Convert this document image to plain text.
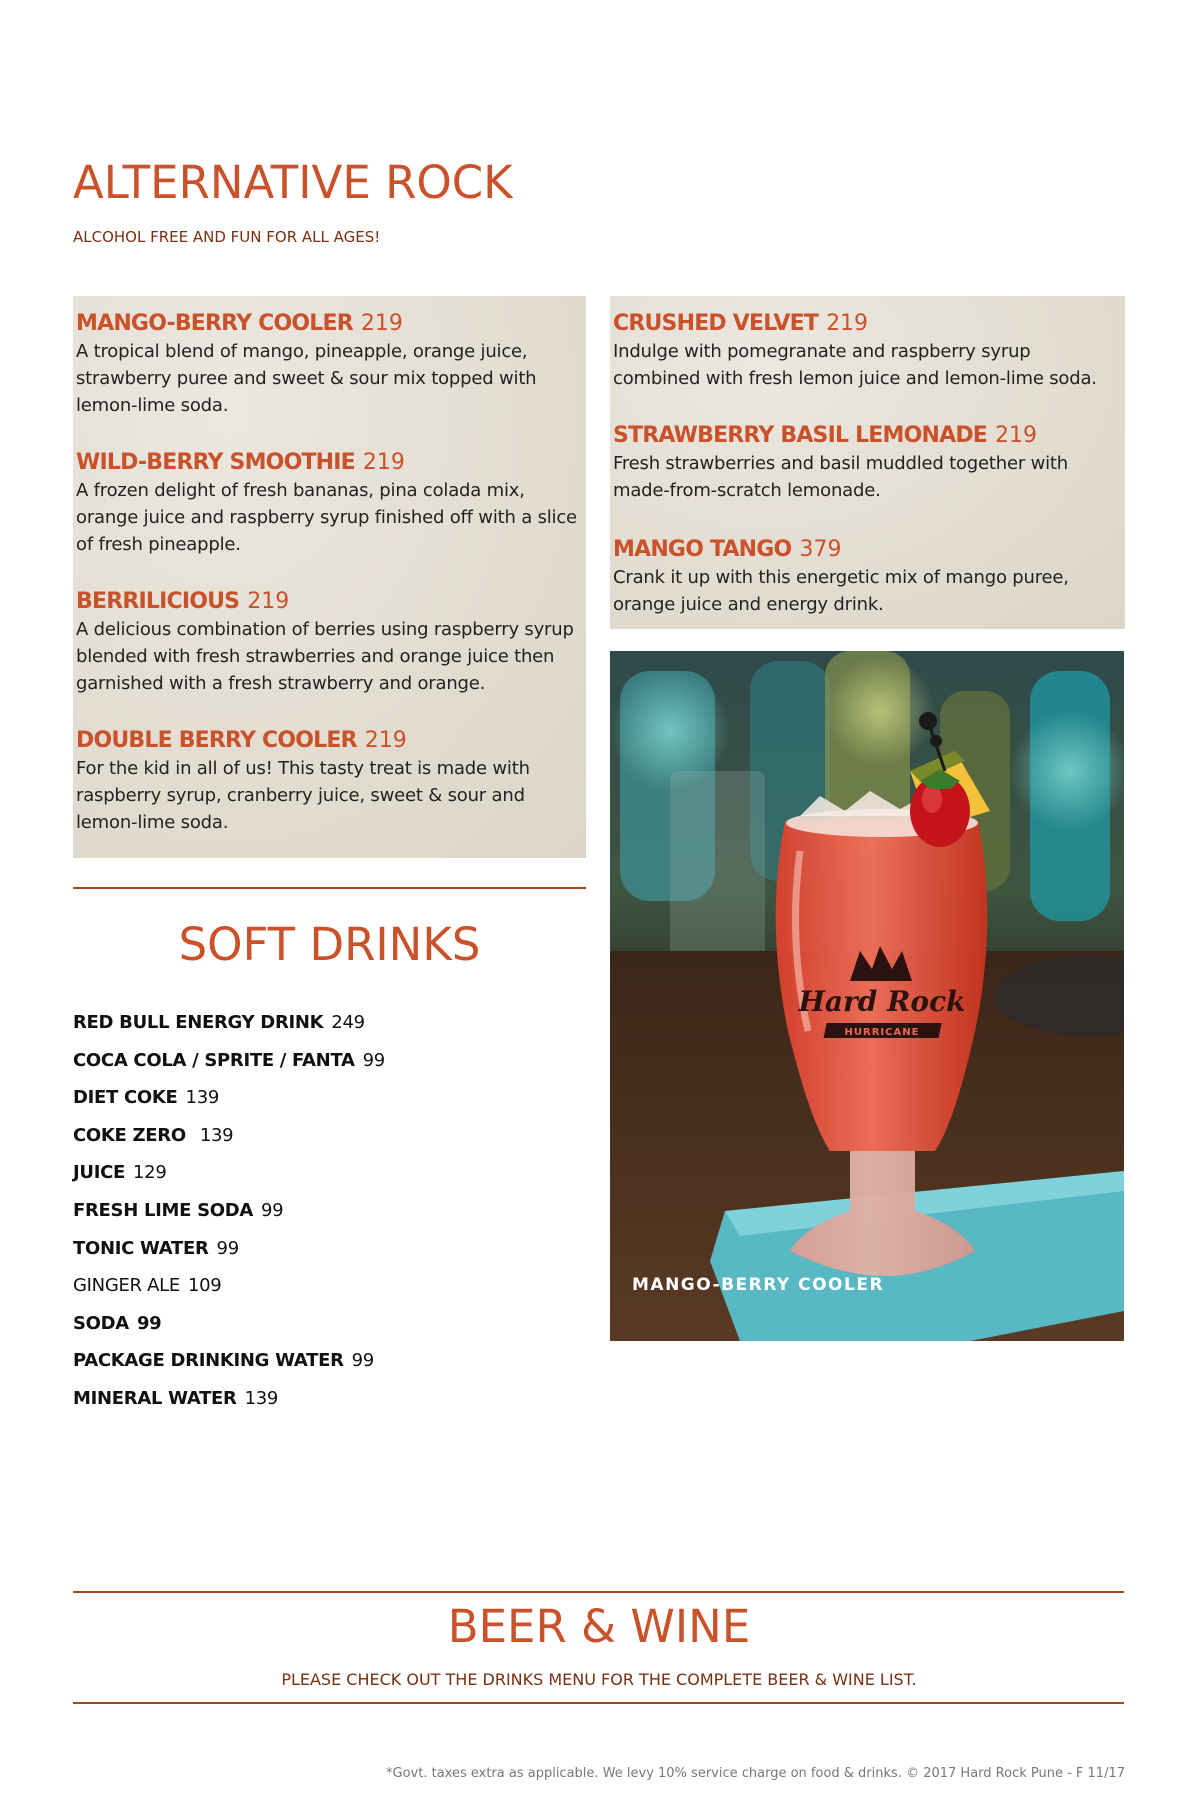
ALTERNATIVE ROCK
ALCOHOL FREE AND FUN FOR ALL AGES!
MANGO-BERRY COOLER 219
A tropical blend of mango, pineapple, orange juice, strawberry puree and sweet & sour mix topped with lemon-lime soda.
WILD-BERRY SMOOTHIE 219
A frozen delight of fresh bananas, pina colada mix, orange juice and raspberry syrup finished off with a slice of fresh pineapple.
BERRILICIOUS 219
A delicious combination of berries using raspberry syrup blended with fresh strawberries and orange juice then garnished with a fresh strawberry and orange.
DOUBLE BERRY COOLER 219
For the kid in all of us! This tasty treat is made with raspberry syrup, cranberry juice, sweet & sour and lemon-lime soda.
CRUSHED VELVET 219
Indulge with pomegranate and raspberry syrup combined with fresh lemon juice and lemon-lime soda.
STRAWBERRY BASIL LEMONADE 219
Fresh strawberries and basil muddled together with made-from-scratch lemonade.
MANGO TANGO 379
Crank it up with this energetic mix of mango puree, orange juice and energy drink.
Hard Rock
HURRICANE
MANGO-BERRY COOLER
SOFT DRINKS
RED BULL ENERGY DRINK 249
COCA COLA / SPRITE / FANTA 99
DIET COKE 139
COKE ZERO 139
JUICE 129
FRESH LIME SODA 99
TONIC WATER 99
GINGER ALE 109
SODA 99
PACKAGE DRINKING WATER 99
MINERAL WATER 139
BEER & WINE
PLEASE CHECK OUT THE DRINKS MENU FOR THE COMPLETE BEER & WINE LIST.
*Govt. taxes extra as applicable. We levy 10% service charge on food & drinks. © 2017 Hard Rock Pune - F 11/17
